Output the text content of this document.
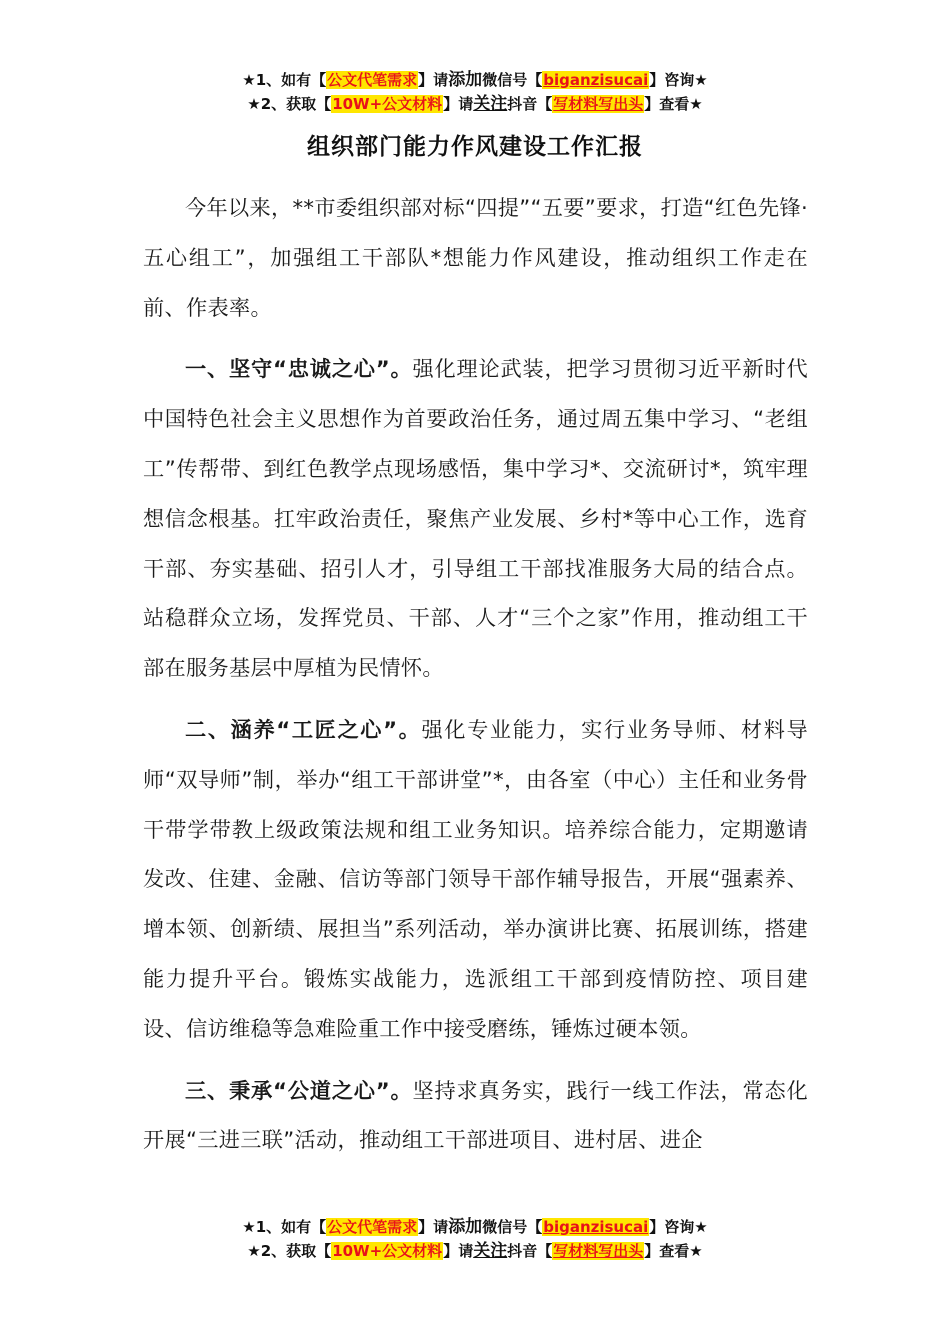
★1、如有【公文代笔需求】请添加微信号【biganzisucai】咨询★
★2、获取【10W+公文材料】请关注抖音【写材料写出头】查看★
组织部门能力作风建设工作汇报

今年以来，**市委组织部对标“四提”“五要”要求，打造“红色先锋·五心组工”，加强组工干部队*想能力作风建设，推动组织工作走在前、作表率。

一、坚守“忠诚之心”。强化理论武装，把学习贯彻习近平新时代中国特色社会主义思想作为首要政治任务，通过周五集中学习、“老组工”传帮带、到红色教学点现场感悟，集中学习*、交流研讨*，筑牢理想信念根基。扛牢政治责任，聚焦产业发展、乡村*等中心工作，选育干部、夯实基础、招引人才，引导组工干部找准服务大局的结合点。站稳群众立场，发挥党员、干部、人才“三个之家”作用，推动组工干部在服务基层中厚植为民情怀。

二、涵养“工匠之心”。强化专业能力，实行业务导师、材料导师“双导师”制，举办“组工干部讲堂”*，由各室（中心）主任和业务骨干带学带教上级政策法规和组工业务知识。培养综合能力，定期邀请发改、住建、金融、信访等部门领导干部作辅导报告，开展“强素养、增本领、创新绩、展担当”系列活动，举办演讲比赛、拓展训练，搭建能力提升平台。锻炼实战能力，选派组工干部到疫情防控、项目建设、信访维稳等急难险重工作中接受磨练，锤炼过硬本领。

三、秉承“公道之心”。坚持求真务实，践行一线工作法，常态化开展“三进三联”活动，推动组工干部进项目、进村居、进企

★1、如有【公文代笔需求】请添加微信号【biganzisucai】咨询★
★2、获取【10W+公文材料】请关注抖音【写材料写出头】查看★
